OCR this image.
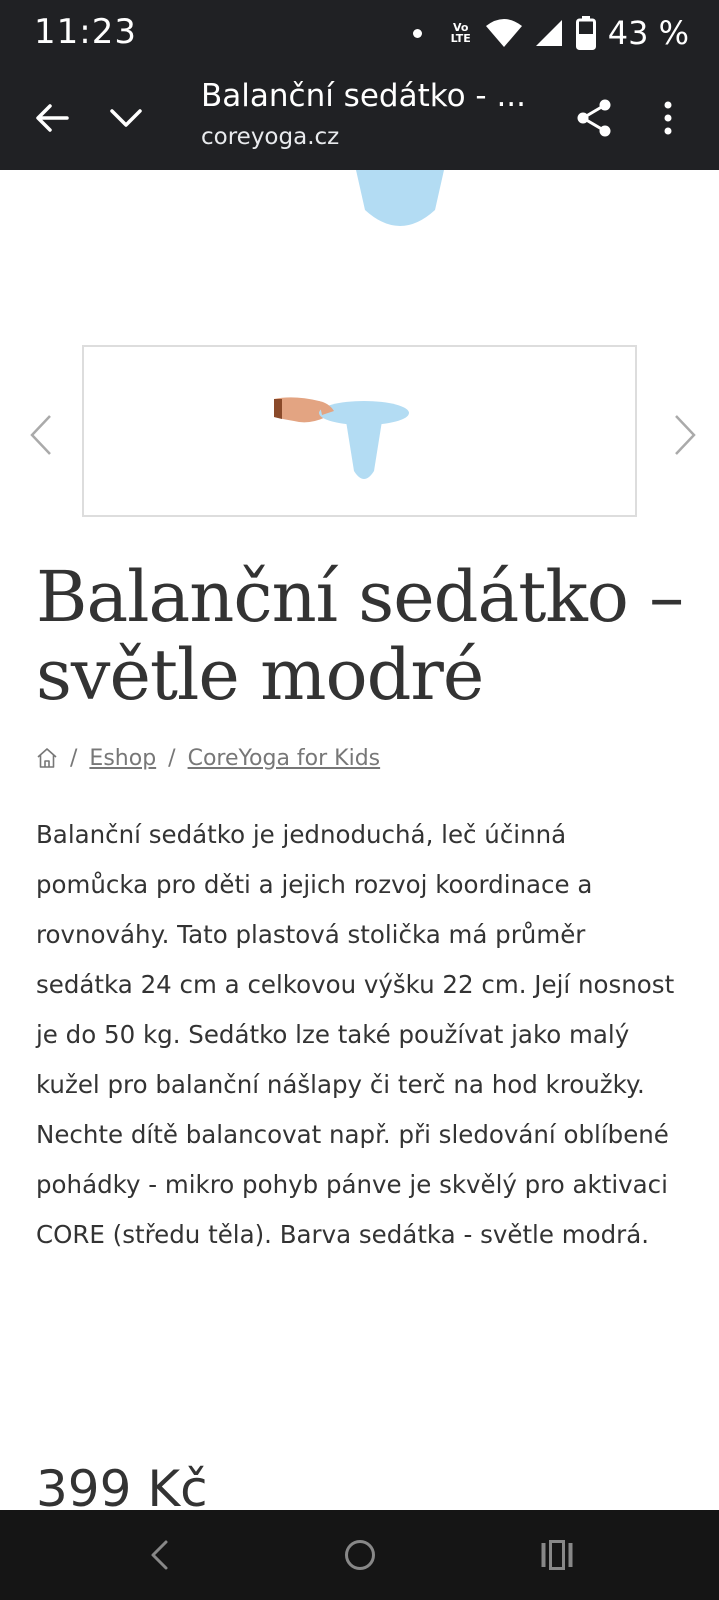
11:23	Vo
LTE	43 %
Balanční sedátko - ...
coreyoga.cz
Balanční sedátko –
světle modré
/ Eshop / CoreYoga for Kids

Balanční sedátko je jednoduchá, leč účinná pomůcka pro děti a jejich rozvoj koordinace a rovnováhy. Tato plastová stolička má průměr sedátka 24 cm a celkovou výšku 22 cm. Její nosnost je do 50 kg. Sedátko lze také používat jako malý kužel pro balanční nášlapy či terč na hod kroužky. Nechte dítě balancovat např. při sledování oblíbené pohádky - mikro pohyb pánve je skvělý pro aktivaci CORE (středu těla). Barva sedátka - světle modrá.

399 Kč
